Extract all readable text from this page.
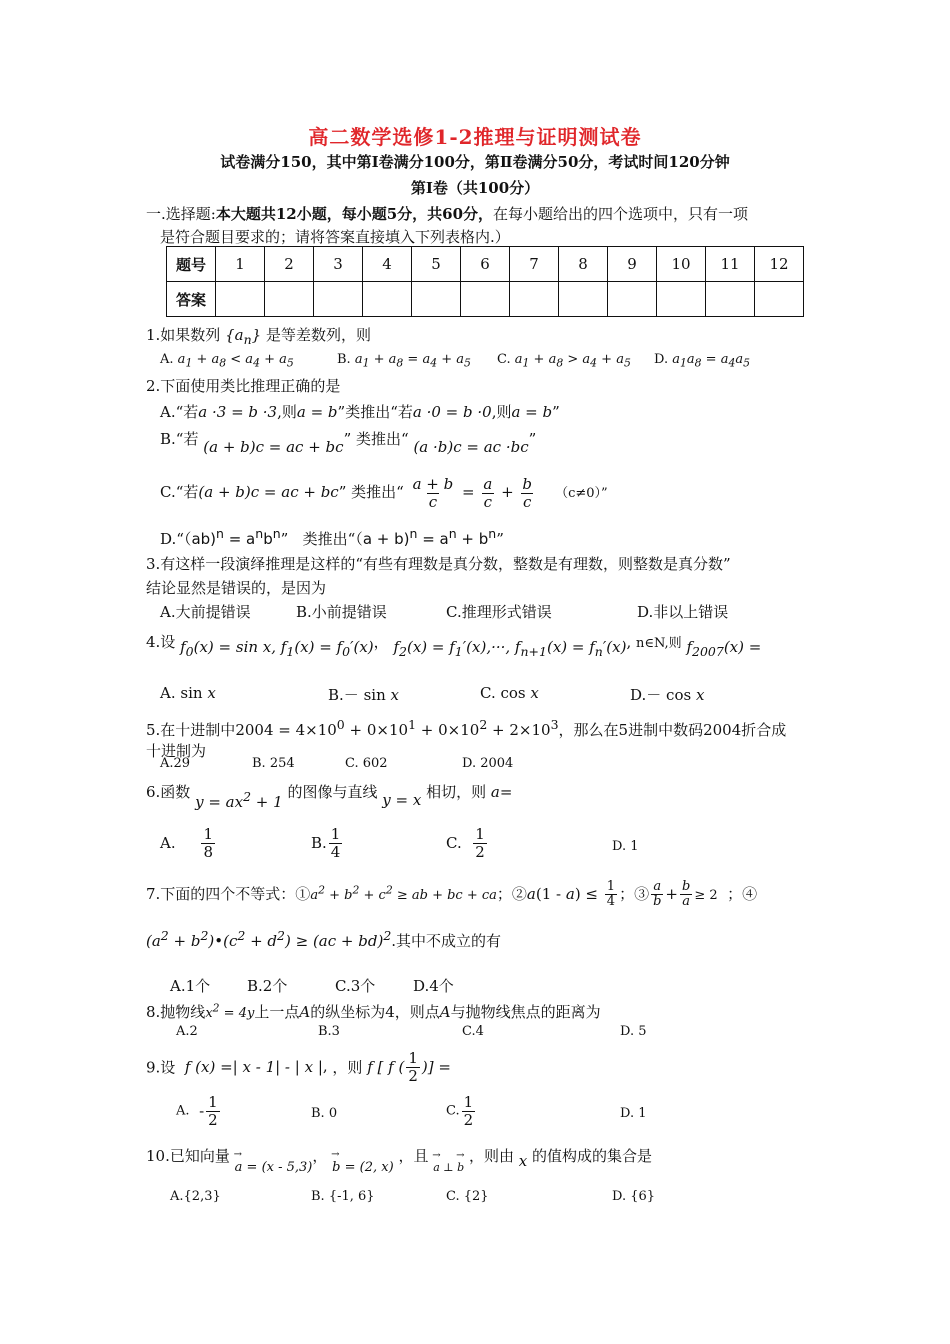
高二数学选修1-2推理与证明测试卷
试卷满分150，其中第Ⅰ卷满分100分，第Ⅱ卷满分50分，考试时间120分钟
第Ⅰ卷（共100分）
一.选择题:本大题共12小题，每小题5分，共60分，在每小题给出的四个选项中，只有一项
是符合题目要求的；请将答案直接填入下列表格内.）
题号	1	2	3	4	5	6	7	8	9	10	11	12
答案												
1.如果数列 $\{a_n\}$ 是等差数列，则
A. $a_1 + a_8 < a_4 + a_5$	B. $a_1 + a_8 = a_4 + a_5$ C. $a_1 + a_8 > a_4 + a_5$ D. $a_1a_8 = a_4a_5$
2.下面使用类比推理正确的是
A.“若a ·3 = b ·3,则a = b”类推出“若a ·0 = b ·0,则a = b”
B.“若 (a + b)c = ac + bc” 类推出“ (a ·b)c = ac ·bc”
C.“若(a + b)c = ac + bc” 类推出“ $\frac{a + b}{c} = \frac{a}{c} + \frac{b}{c} (c\ne 0)$”
D.“（ab)$^n$ = $a^nb^n$”   类推出“$(a + b)^n = a^n + b^n$”
3.有这样一段演绎推理是这样的“有些有理数是真分数，整数是有理数，则整数是真分数”
结论显然是错误的，是因为
A.大前提错误	B.小前提错误	C.推理形式错误	D.非以上错误
4.设 $f_0(x) = \sin x$, $f_1(x) = f_0'(x)$， $f_2(x) = f_1'(x),\cdot\cdot\cdot$, $f_{n+1}(x) = f_n'(x)$, n∈N,则 $f_{2007}(x)$ =
A. sin x	B.－ sin x	C. cos x	D.－ cos x
5.在十进制中$2004 = 4\times 10^0 + 0\times 10^1 + 0\times 10^2 + 2\times 10^3$，那么在5进制中数码2004折合成
十进制为
A.29	B. 254	C. 602	D. 2004
6.函数 $y = ax^2 + 1$ 的图像与直线 y = x 相切，则 a=
A. $\frac{1}{8}$	B. $\frac{1}{4}$	C. $\frac{1}{2}$	D. 1
7.下面的四个不等式：$①a^2 + b^2 + c^2$ ≥ ab + bc + ca；②a(1 - $a) \le \frac{1}{4}$ ；③ $\frac{a}{b} + \frac{b}{a} \ge 2$ ；④
($a^2$ + $b^2)•(c^2 + d^2) \ge (ac + bd)^2$.其中不成立的有
A.1个 B.2个	C.3个	D.4个
8.抛物线$x^2 = 4y$上一点A的纵坐标为4，则点A与抛物线焦点的距离为
A.2	B.3	C.4	D. 5
9.设  f (x) =| x - 1| - | x |, ，则 f [ f ( $\frac{1}{2}$ )] =
A. - $\frac{1}{2}$	B. 0	C. $\frac{1}{2}$	D. 1
10.已知向量 → a = (x - 5,3)， → b = (2, x) ，且 → $_{a \perp \to b}$ ，则由 x 的值构成的集合是
A.{2,3}	B. {-1, 6}	C. {2}	D. {6}
